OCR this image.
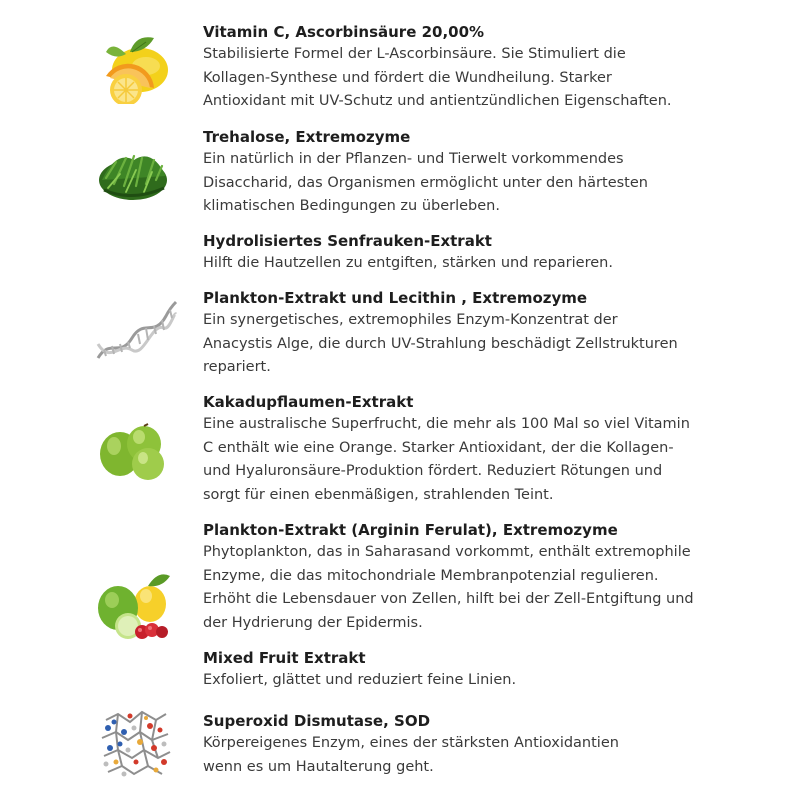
Vitamin C, Ascorbinsäure 20,00%

Stabilisierte Formel der L-Ascorbinsäure. Sie Stimuliert die
Kollagen-Synthese und fördert die Wundheilung. Starker
Antioxidant mit UV-Schutz und antientzündlichen Eigenschaften.

Trehalose, Extremozyme

Ein natürlich in der Pflanzen- und Tierwelt vorkommendes
Disaccharid, das Organismen ermöglicht unter den härtesten
klimatischen Bedingungen zu überleben.

Hydrolisiertes Senfrauken-Extrakt

Hilft die Hautzellen zu entgiften, stärken und reparieren.

Plankton-Extrakt und Lecithin , Extremozyme

Ein synergetisches, extremophiles Enzym-Konzentrat der
Anacystis Alge, die durch UV-Strahlung beschädigt Zellstrukturen
repariert.

Kakadupflaumen-Extrakt

Eine australische Superfrucht, die mehr als 100 Mal so viel Vitamin
C enthält wie eine Orange. Starker Antioxidant, der die Kollagen-
und Hyaluronsäure-Produktion fördert. Reduziert Rötungen und
sorgt für einen ebenmäßigen, strahlenden Teint.

Plankton-Extrakt (Arginin Ferulat), Extremozyme

Phytoplankton, das in Saharasand vorkommt, enthält extremophile
Enzyme, die das mitochondriale Membranpotenzial regulieren.
Erhöht die Lebensdauer von Zellen, hilft bei der Zell-Entgiftung und
der Hydrierung der Epidermis.

Mixed Fruit Extrakt

Exfoliert, glättet und reduziert feine Linien.

Superoxid Dismutase, SOD

Körpereigenes Enzym, eines der stärksten Antioxidantien
wenn es um Hautalterung geht.
